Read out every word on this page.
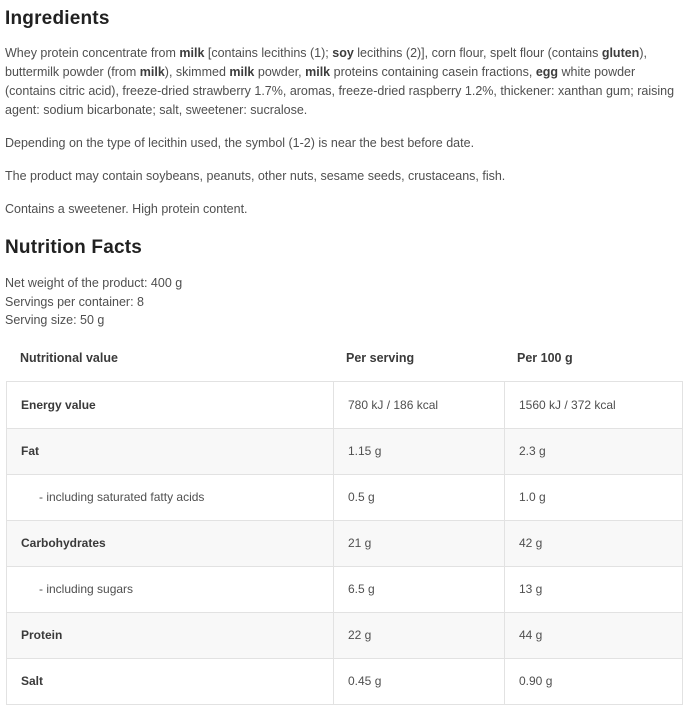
Ingredients

Whey protein concentrate from milk [contains lecithins (1); soy lecithins (2)], corn flour, spelt flour (contains gluten), buttermilk powder (from milk), skimmed milk powder, milk proteins containing casein fractions, egg white powder (contains citric acid), freeze-dried strawberry 1.7%, aromas, freeze-dried raspberry 1.2%, thickener: xanthan gum; raising agent: sodium bicarbonate; salt, sweetener: sucralose.

Depending on the type of lecithin used, the symbol (1-2) is near the best before date.

The product may contain soybeans, peanuts, other nuts, sesame seeds, crustaceans, fish.

Contains a sweetener. High protein content.

Nutrition Facts
Net weight of the product: 400 g
Servings per container: 8
Serving size: 50 g
Nutritional value	Per serving	Per 100 g
Energy value	780 kJ / 186 kcal	1560 kJ / 372 kcal
Fat	1.15 g	2.3 g
- including saturated fatty acids	0.5 g	1.0 g
Carbohydrates	21 g	42 g
- including sugars	6.5 g	13 g
Protein	22 g	44 g
Salt	0.45 g	0.90 g
